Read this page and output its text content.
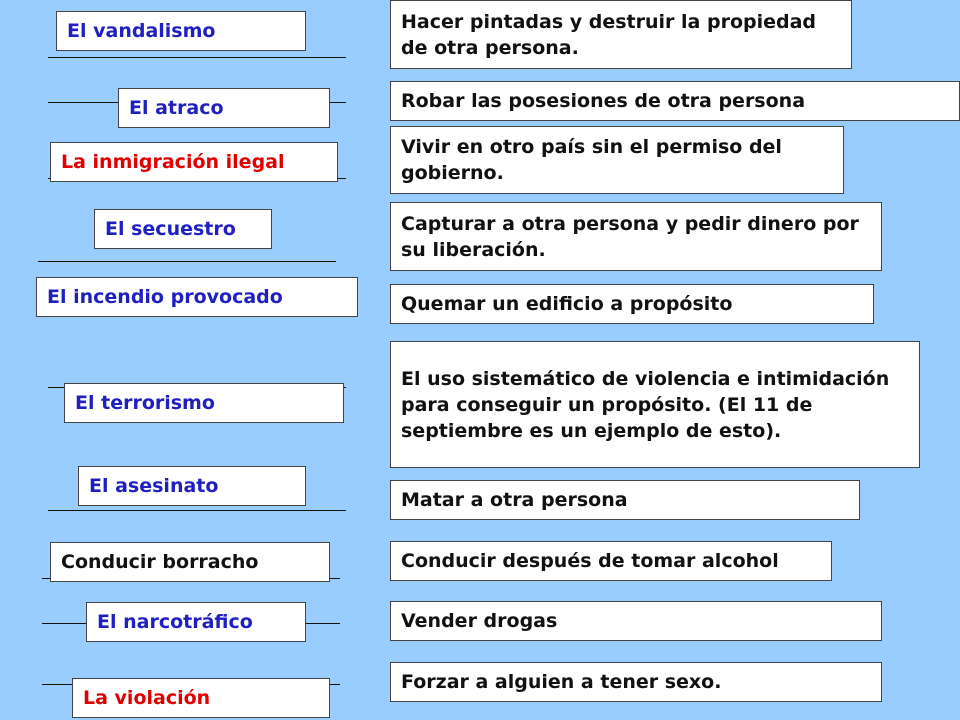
El vandalismo
El atraco
La inmigración ilegal
El secuestro
El incendio provocado
El terrorismo
El asesinato
Conducir borracho
El narcotráfico
La violación
Hacer pintadas y destruir la propiedad de otra persona.
Robar las posesiones de otra persona
Vivir en otro país sin el permiso del gobierno.
Capturar a otra persona y pedir dinero por su liberación.
Quemar un edificio a propósito
El uso sistemático de violencia e intimidación para conseguir un propósito. (El 11 de septiembre es un ejemplo de esto).
Matar a otra persona
Conducir después de tomar alcohol
Vender drogas
Forzar a alguien a tener sexo.
